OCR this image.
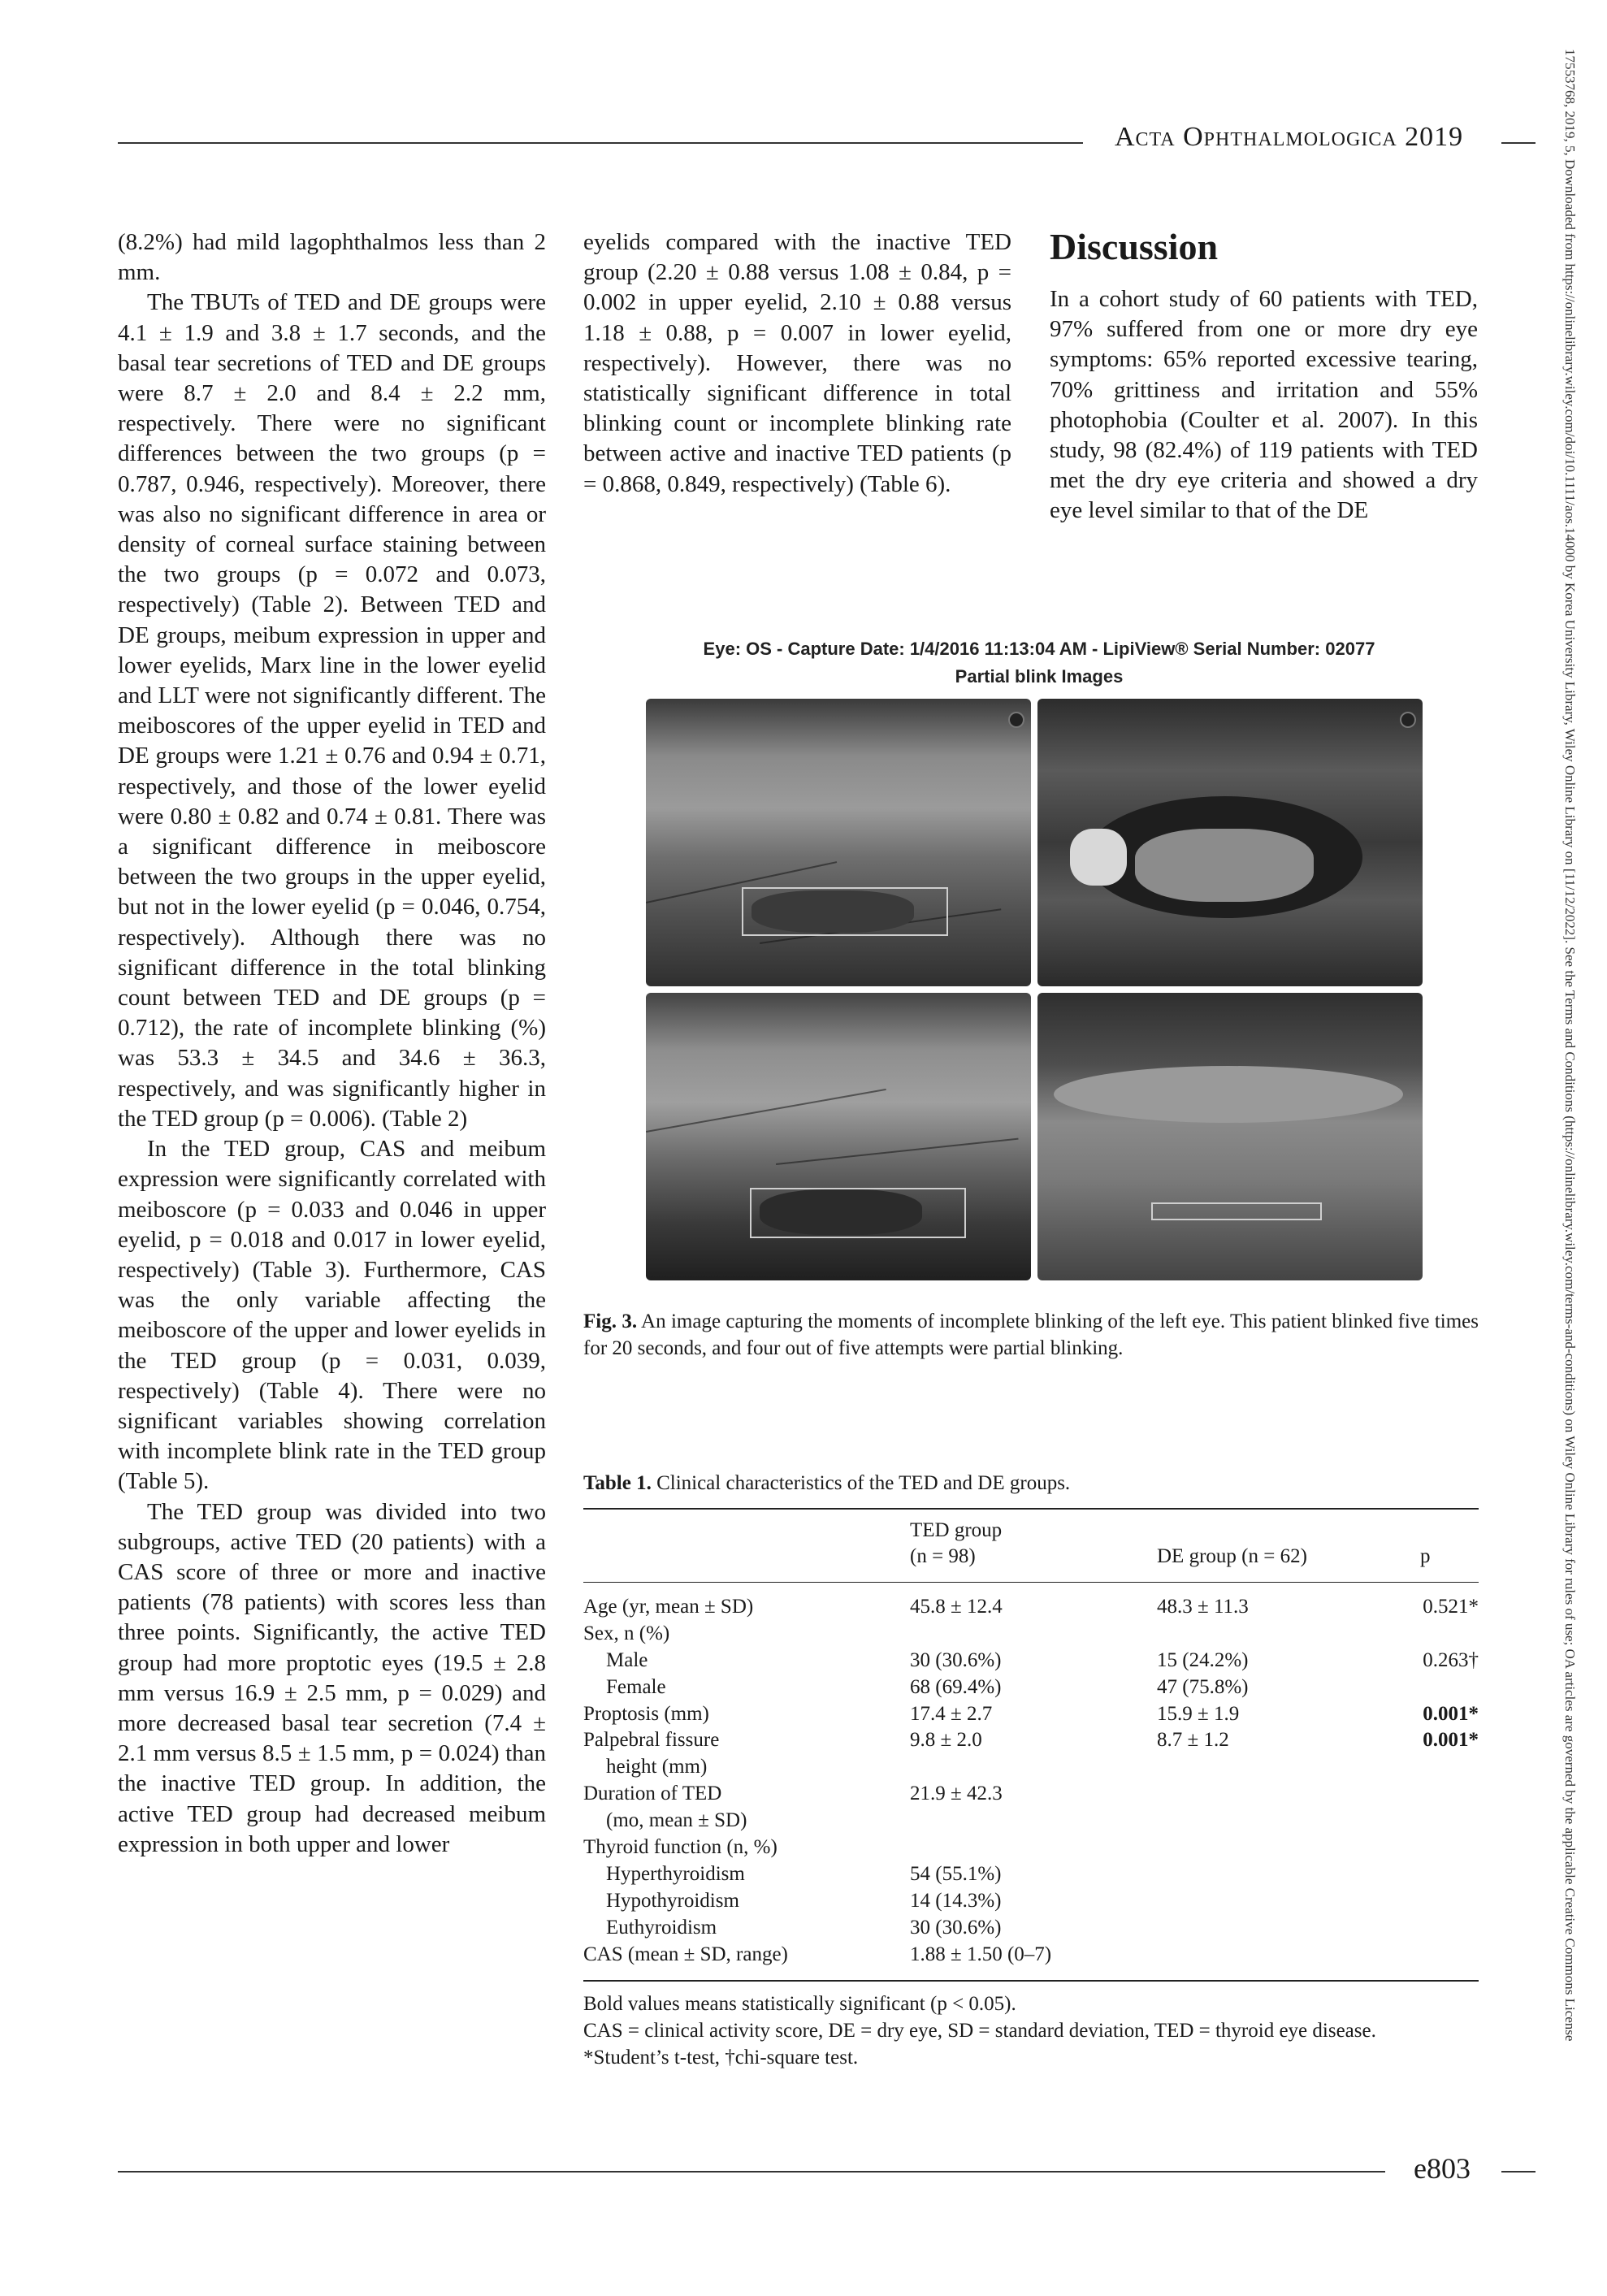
Acta Ophthalmologica 2019	17553768, 2019, 5, Downloaded from https://onlinelibrary.wiley.com/doi/10.1111/aos.14000 by Korea University Library, Wiley Online Library on [11/12/2022]. See the Terms and Conditions (https://onlinelibrary.wiley.com/terms-and-conditions) on Wiley Online Library for rules of use; OA articles are governed by the applicable Creative Commons License

(8.2%) had mild lagophthalmos less than 2 mm.

The TBUTs of TED and DE groups were 4.1 ± 1.9 and 3.8 ± 1.7 seconds, and the basal tear secretions of TED and DE groups were 8.7 ± 2.0 and 8.4 ± 2.2 mm, respectively. There were no significant differences between the two groups (p = 0.787, 0.946, respectively). Moreover, there was also no significant difference in area or density of corneal surface staining between the two groups (p = 0.072 and 0.073, respectively) (Table 2). Between TED and DE groups, meibum expression in upper and lower eyelids, Marx line in the lower eyelid and LLT were not significantly different. The meiboscores of the upper eyelid in TED and DE groups were 1.21 ± 0.76 and 0.94 ± 0.71, respectively, and those of the lower eyelid were 0.80 ± 0.82 and 0.74 ± 0.81. There was a significant difference in meiboscore between the two groups in the upper eyelid, but not in the lower eyelid (p = 0.046, 0.754, respectively). Although there was no significant difference in the total blinking count between TED and DE groups (p = 0.712), the rate of incomplete blinking (%) was 53.3 ± 34.5 and 34.6 ± 36.3, respectively, and was significantly higher in the TED group (p = 0.006). (Table 2)

In the TED group, CAS and meibum expression were significantly correlated with meiboscore (p = 0.033 and 0.046 in upper eyelid, p = 0.018 and 0.017 in lower eyelid, respectively) (Table 3). Furthermore, CAS was the only variable affecting the meiboscore of the upper and lower eyelids in the TED group (p = 0.031, 0.039, respectively) (Table 4). There were no significant variables showing correlation with incomplete blink rate in the TED group (Table 5).

The TED group was divided into two subgroups, active TED (20 patients) with a CAS score of three or more and inactive patients (78 patients) with scores less than three points. Significantly, the active TED group had more proptotic eyes (19.5 ± 2.8 mm versus 16.9 ± 2.5 mm, p = 0.029) and more decreased basal tear secretion (7.4 ± 2.1 mm versus 8.5 ± 1.5 mm, p = 0.024) than the inactive TED group. In addition, the active TED group had decreased meibum expression in both upper and lower

eyelids compared with the inactive TED group (2.20 ± 0.88 versus 1.08 ± 0.84, p = 0.002 in upper eyelid, 2.10 ± 0.88 versus 1.18 ± 0.88, p = 0.007 in lower eyelid, respectively). However, there was no statistically significant difference in total blinking count or incomplete blinking rate between active and inactive TED patients (p = 0.868, 0.849, respectively) (Table 6).

Discussion

In a cohort study of 60 patients with TED, 97% suffered from one or more dry eye symptoms: 65% reported excessive tearing, 70% grittiness and irritation and 55% photophobia (Coulter et al. 2007). In this study, 98 (82.4%) of 119 patients with TED met the dry eye criteria and showed a dry eye level similar to that of the DE

Eye: OS - Capture Date: 1/4/2016 11:13:04 AM - LipiView® Serial Number: 02077
Partial blink Images
Fig. 3. An image capturing the moments of incomplete blinking of the left eye. This patient blinked five times for 20 seconds, and four out of five attempts were partial blinking.
Table 1. Clinical characteristics of the TED and DE groups.
TED group
(n = 98)	DE group (n = 62)	p
Age (yr, mean ± SD)	45.8 ± 12.4	48.3 ± 11.3	0.521*
Sex, n (%)
Male	30 (30.6%)	15 (24.2%)	0.263†
Female	68 (69.4%)	47 (75.8%)
Proptosis (mm)	17.4 ± 2.7	15.9 ± 1.9	0.001*
Palpebral fissure	9.8 ± 2.0	8.7 ± 1.2	0.001*
height (mm)
Duration of TED	21.9 ± 42.3
(mo, mean ± SD)
Thyroid function (n, %)
Hyperthyroidism	54 (55.1%)
Hypothyroidism	14 (14.3%)
Euthyroidism	30 (30.6%)
CAS (mean ± SD, range)	1.88 ± 1.50 (0–7)

Bold values means statistically significant (p < 0.05).

CAS = clinical activity score, DE = dry eye, SD = standard deviation, TED = thyroid eye disease.

*Student’s t-test, †chi-square test.

e803
